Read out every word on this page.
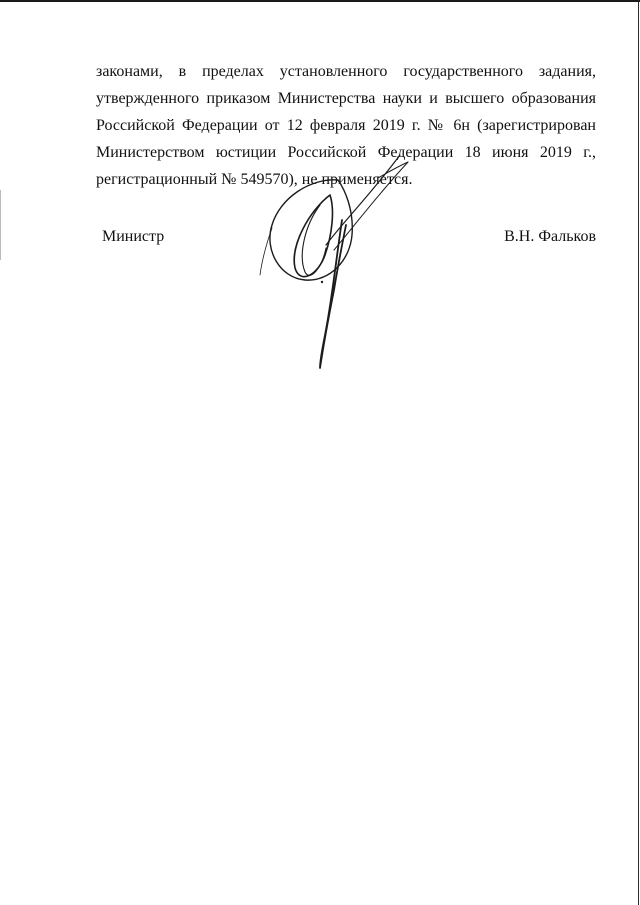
законами, в пределах установленного государственного задания,
утвержденного приказом Министерства науки и высшего образования
Российской Федерации от 12 февраля 2019 г. № 6н (зарегистрирован
Министерством юстиции Российской Федерации 18 июня 2019 г.,
регистрационный № 549570), не применяется.
Министр	В.Н. Фальков
